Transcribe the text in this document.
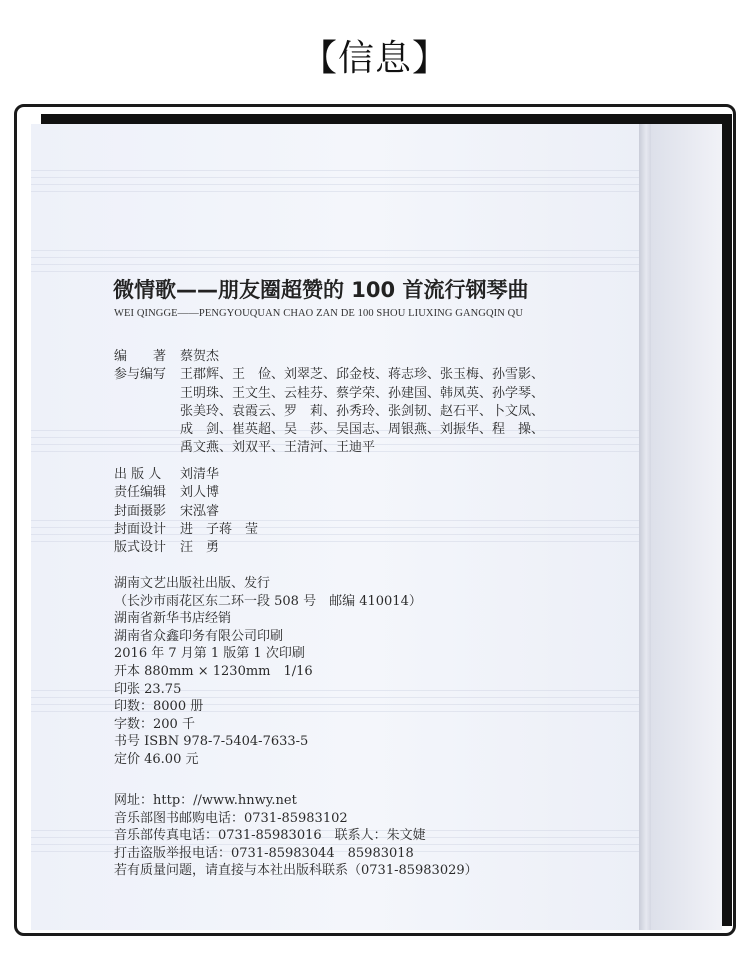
【信息】
微情歌——朋友圈超赞的 100 首流行钢琴曲
WEI QINGGE——PENGYOUQUAN CHAO ZAN DE 100 SHOU LIUXING GANGQIN QU
编　　著	蔡贺杰
参与编写	王郡辉、王　俭、刘翠芝、邱金枝、蒋志珍、张玉梅、孙雪影、
王明珠、王文生、云桂芬、蔡学荣、孙建国、韩凤英、孙学琴、
张美玲、袁霞云、罗　莉、孙秀玲、张剑韧、赵石平、卜文凤、
成　剑、崔英超、吴　莎、吴国志、周银燕、刘振华、程　操、
禹文燕、刘双平、王清河、王迪平
出 版 人	刘清华
责任编辑	刘人博
封面摄影	宋泓睿
封面设计	进　子蒋　莹
版式设计	汪　勇
湖南文艺出版社出版、发行
（长沙市雨花区东二环一段 508 号　邮编 410014）
湖南省新华书店经销
湖南省众鑫印务有限公司印刷
2016 年 7 月第 1 版第 1 次印刷
开本 880mm × 1230mm　1/16
印张 23.75
印数：8000 册
字数：200 千
书号 ISBN 978-7-5404-7633-5
定价 46.00 元
网址：http：//www.hnwy.net
音乐部图书邮购电话：0731-85983102
音乐部传真电话：0731-85983016　联系人：朱文婕
打击盗版举报电话：0731-85983044　85983018
若有质量问题，请直接与本社出版科联系（0731-85983029）
